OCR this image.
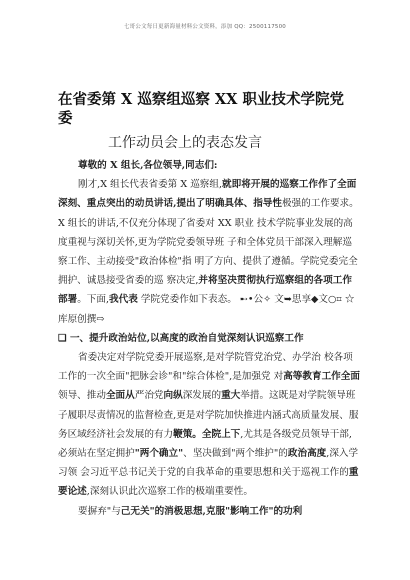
七哥公文每日更新海量材料公文资料，添加 QQ：2500117500
在省委第 X 巡察组巡察 XX 职业技术学院党委
工作动员会上的表态发言

尊敬的 X 组长,各位领导,同志们:

刚才,X 组长代表省委第 X 巡察组,就即将开展的巡察工作作了全面深刻、重点突出的动员讲话,提出了明确具体、指导性极强的工作要求。X 组长的讲话,不仅充分体现了省委对 XX 职业 技术学院事业发展的高度重视与深切关怀,更为学院党委领导班 子和全体党员干部深入理解巡察工作、主动接受"政治体检"指 明了方向、提供了遵循。学院党委完全拥护、诚恳接受省委的巡 察决定,并将坚决贯彻执行巡察组的各项工作部署。下面,我代表 学院党委作如下表态。 ➸•公✧ 文➥思享◆文○⌗ ☆库原创撰⇨

❏ 一、提升政治站位,以高度的政治自觉深刻认识巡察工作

省委决定对学院党委开展巡察,是对学院管党治党、办学治 校各项工作的一次全面"把脉会诊"和"综合体检",是加强党 对高等教育工作全面领导、推动全面从严治党向纵深发展的重大举措。这既是对学院领导班子履职尽责情况的监督检查,更是对学院加快推进内涵式高质量发展、服务区域经济社会发展的有力鞭策。全院上下,尤其是各级党员领导干部,必须站在坚定拥护"两个确立"、坚决做到"两个维护"的政治高度,深入学习领 会习近平总书记关于党的自我革命的重要思想和关于巡视工作的重要论述,深刻认识此次巡察工作的极端重要性。

要摒弃"与己无关"的消极思想,克服"影响工作"的功利
